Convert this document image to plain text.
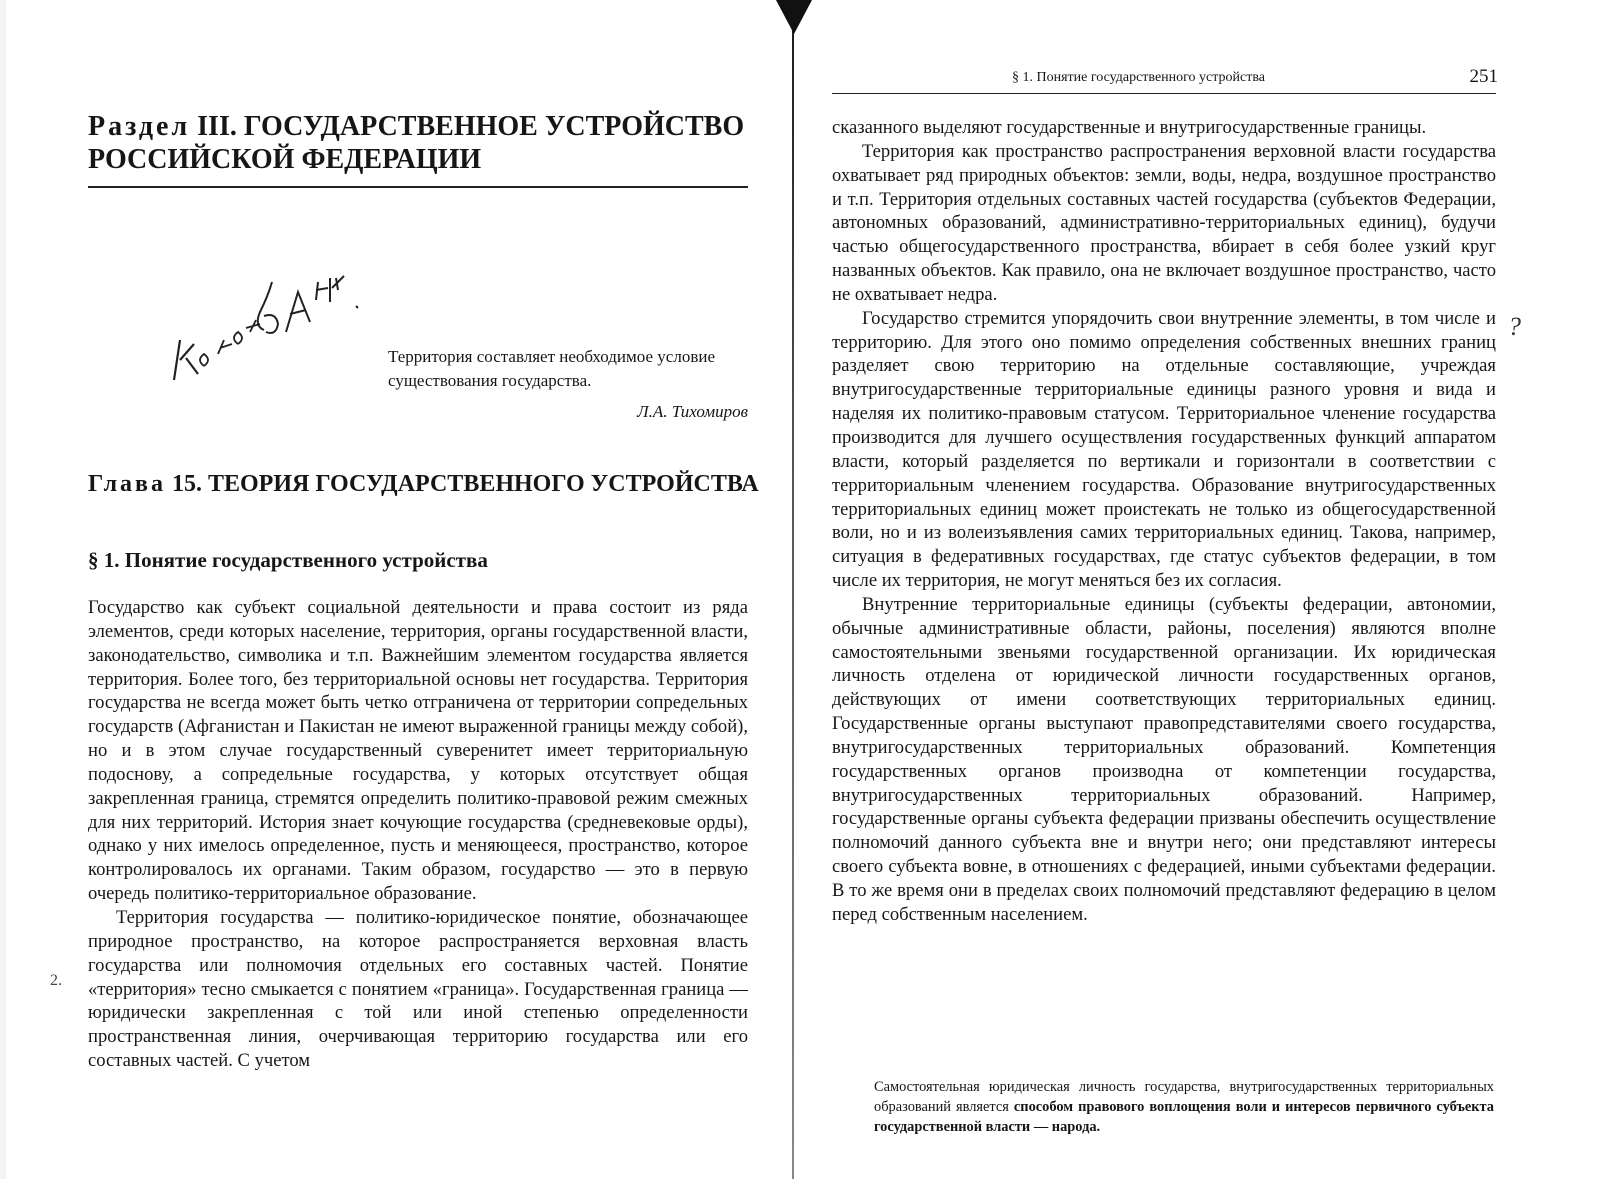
Раздел III. ГОСУДАРСТВЕННОЕ УСТРОЙСТВО РОССИЙСКОЙ ФЕДЕРАЦИИ
Территория составляет необходимое условие существования государства.
Л.А. Тихомиров
Глава 15. ТЕОРИЯ ГОСУДАРСТВЕННОГО УСТРОЙСТВА
§ 1. Понятие государственного устройства

Государство как субъект социальной деятельности и права состоит из ряда элементов, среди которых население, территория, органы государственной власти, законодательство, символика и т.п. Важнейшим элементом государства является территория. Более того, без территориальной основы нет государства. Территория государства не всегда может быть четко отграничена от территории сопредельных государств (Афганистан и Пакистан не имеют выраженной границы между собой), но и в этом случае государственный суверенитет имеет территориальную подоснову, а сопредельные государства, у которых отсутствует общая закрепленная граница, стремятся определить политико-правовой режим смежных для них территорий. История знает кочующие государства (средневековые орды), однако у них имелось определенное, пусть и меняющееся, пространство, которое контролировалось их органами. Таким образом, государство — это в первую очередь политико-территориальное образование.

Территория государства — политико-юридическое понятие, обозначающее природное пространство, на которое распространяется верховная власть государства или полномочия отдельных его составных частей. Понятие «территория» тесно смыкается с понятием «граница». Государственная граница — юридически закрепленная с той или иной степенью определенности пространственная линия, очерчивающая территорию государства или его составных частей. С учетом

2.
§ 1. Понятие государственного устройства	251

сказанного выделяют государственные и внутригосударственные границы.

Территория как пространство распространения верховной власти государства охватывает ряд природных объектов: земли, воды, недра, воздушное пространство и т.п. Территория отдельных составных частей государства (субъектов Федерации, автономных образований, административно-территориальных единиц), будучи частью общегосударственного пространства, вбирает в себя более узкий круг названных объектов. Как правило, она не включает воздушное пространство, часто не охватывает недра.

Государство стремится упорядочить свои внутренние элементы, в том числе и территорию. Для этого оно помимо определения собственных внешних границ разделяет свою территорию на отдельные составляющие, учреждая внутригосударственные территориальные единицы разного уровня и вида и наделяя их политико-правовым статусом. Территориальное членение государства производится для лучшего осуществления государственных функций аппаратом власти, который разделяется по вертикали и горизонтали в соответствии с территориальным членением государства. Образование внутригосударственных территориальных единиц может проистекать не только из общегосударственной воли, но и из волеизъявления самих территориальных единиц. Такова, например, ситуация в федеративных государствах, где статус субъектов федерации, в том числе их территория, не могут меняться без их согласия.

Внутренние территориальные единицы (субъекты федерации, автономии, обычные административные области, районы, поселения) являются вполне самостоятельными звеньями государственной организации. Их юридическая личность отделена от юридической личности государственных органов, действующих от имени соответствующих территориальных единиц. Государственные органы выступают правопредставителями своего государства, внутригосударственных территориальных образований. Компетенция государственных органов производна от компетенции государства, внутригосударственных территориальных образований. Например, государственные органы субъекта федерации призваны обеспечить осуществление полномочий данного субъекта вне и внутри него; они представляют интересы своего субъекта вовне, в отношениях с федерацией, иными субъектами федерации. В то же время они в пределах своих полномочий представляют федерацию в целом перед собственным населением.

?

Самостоятельная юридическая личность государства, внутригосударственных территориальных образований является способом правового воплощения воли и интересов первичного субъекта государственной власти — народа.
